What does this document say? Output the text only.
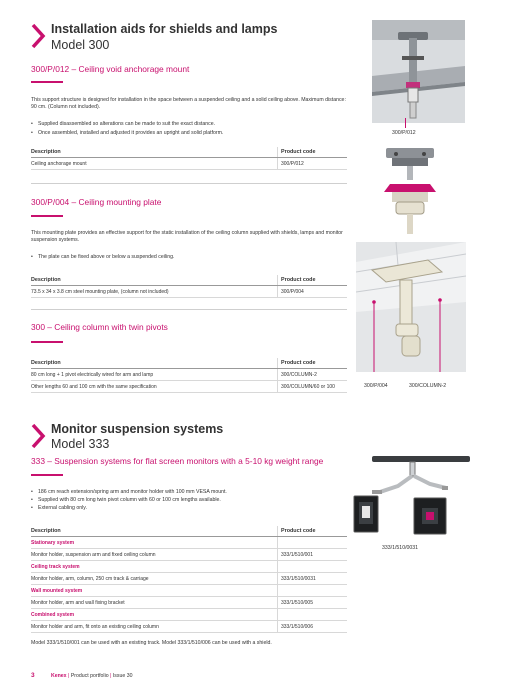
Installation aids for shields and lamps
Model 300
300/P/012 – Ceiling void anchorage mount
This support structure is designed for installation in the space between a suspended ceiling and a solid ceiling above. Maximum distance: 90 cm. (Column not included).
• Supplied disassembled so alterations can be made to suit the exact distance.
• Once assembled, installed and adjusted it provides an upright and solid platform.
Description	Product code
Ceiling anchorage mount	300/P/012
300/P/004 – Ceiling mounting plate
This mounting plate provides an effective support for the static installation of the ceiling column supplied with shields, lamps and monitor suspension systems.
• The plate can be fixed above or below a suspended ceiling.
Description	Product code
73.5 x 34 x 3.8 cm steel mounting plate, (column not included)	300/P/004
300 – Ceiling column with twin pivots
Description	Product code
80 cm long + 1 pivot electrically wired for arm and lamp	300/COLUMN-2
Other lengths 60 and 100 cm with the same specification	300/COLUMN/60 or 100
300/P/012
300/P/004	300/COLUMN-2
Monitor suspension systems
Model 333
333 – Suspension systems for flat screen monitors with a 5-10 kg weight range
• 186 cm reach extension/spring arm and monitor holder with 100 mm VESA mount.
• Supplied with 80 cm long twin pivot column with 60 or 100 cm lengths available.
• External cabling only.
Description	Product code
Stationary system	
Monitor holder, suspension arm and fixed ceiling column	333/1/510/001
Ceiling track system	
Monitor holder, arm, column, 250 cm track & carriage	333/1/510/0031
Wall mounted system	
Monitor holder, arm and wall fixing bracket	333/1/510/005
Combined system	
Monitor holder and arm, fit onto an existing ceiling column	333/1/510/006
Model 333/1/510/001 can be used with an existing track. Model 333/1/510/006 can be used with a shield.
333/1/510/0031
3	Kenex | Product portfolio | Issue 30
